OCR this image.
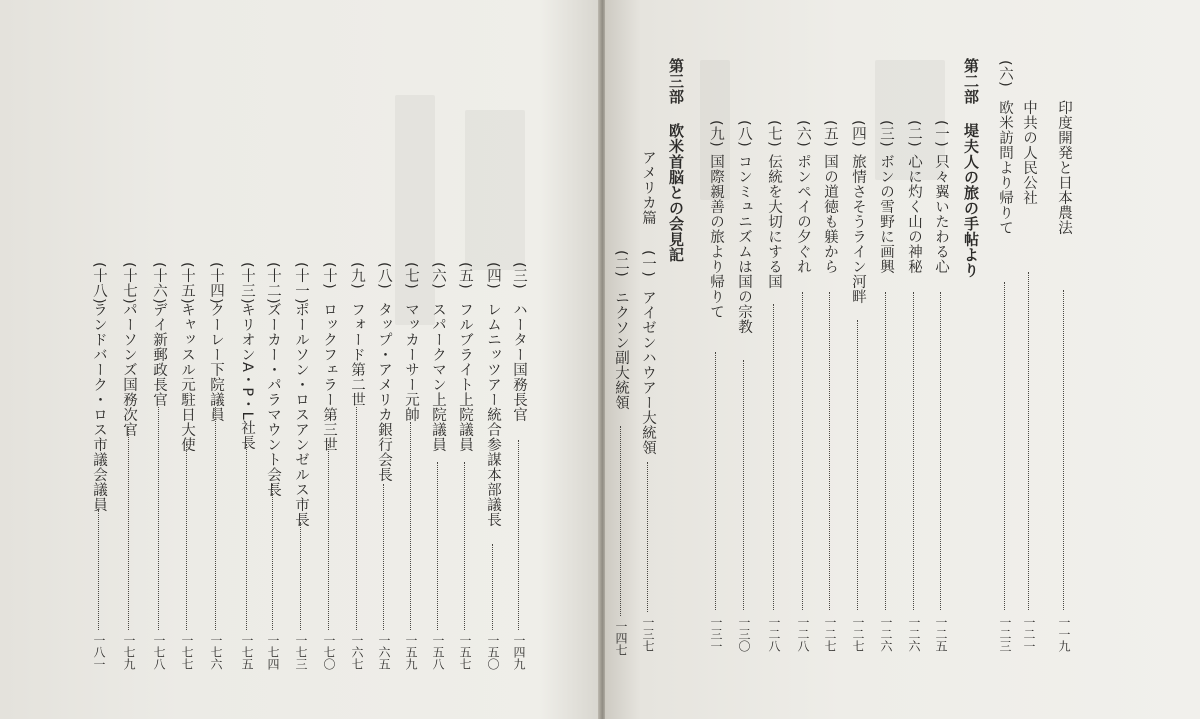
(三)
ハーター国務長官
一四九
(四)
レムニッツアー統合参謀本部議長
一五〇
(五)
フルブライト上院議員
一五七
(六)
スパークマン上院議員
一五八
(七)
マッカーサー元帥
一五九
(八)
タップ・アメリカ銀行会長
一六五
(九)
フォード第二世
一六七
(十)
ロックフェラー第三世
一七〇
(十一)
ポールソン・ロスアンゼルス市長
一七三
(十二)
ズーカー・パラマウント会長
一七四
(十三)
キリオンA・P・L社長
一七五
(十四)
クーレー下院議員
一七六
(十五)
キャッスル元駐日大使
一七七
(十六)
デイ新郵政長官
一七八
(十七)
パーソンズ国務次官
一七九
(十八)
ランドバーク・ロス市議会議員
一八一
印度開発と日本農法
一一九
中共の人民公社
一二一
(六)
欧米訪問より帰りて
一二三
第二部
堤夫人の旅の手帖より
(一)
只々翼いたわる心
一二五
(二)
心に灼く山の神秘
一二六
(三)
ボンの雪野に画興
一二六
(四)
旅情さそうライン河畔
一二七
(五)
国の道徳も躾から
一二七
(六)
ポンペイの夕ぐれ
一二八
(七)
伝統を大切にする国
一二八
(八)
コンミュニズムは国の宗教
一三〇
(九)
国際親善の旅より帰りて
一三一
第三部
欧米首脳との会見記
アメリカ篇
(一)
アイゼンハウアー大統領
一三七
(二)
ニクソン副大統領
一四七
